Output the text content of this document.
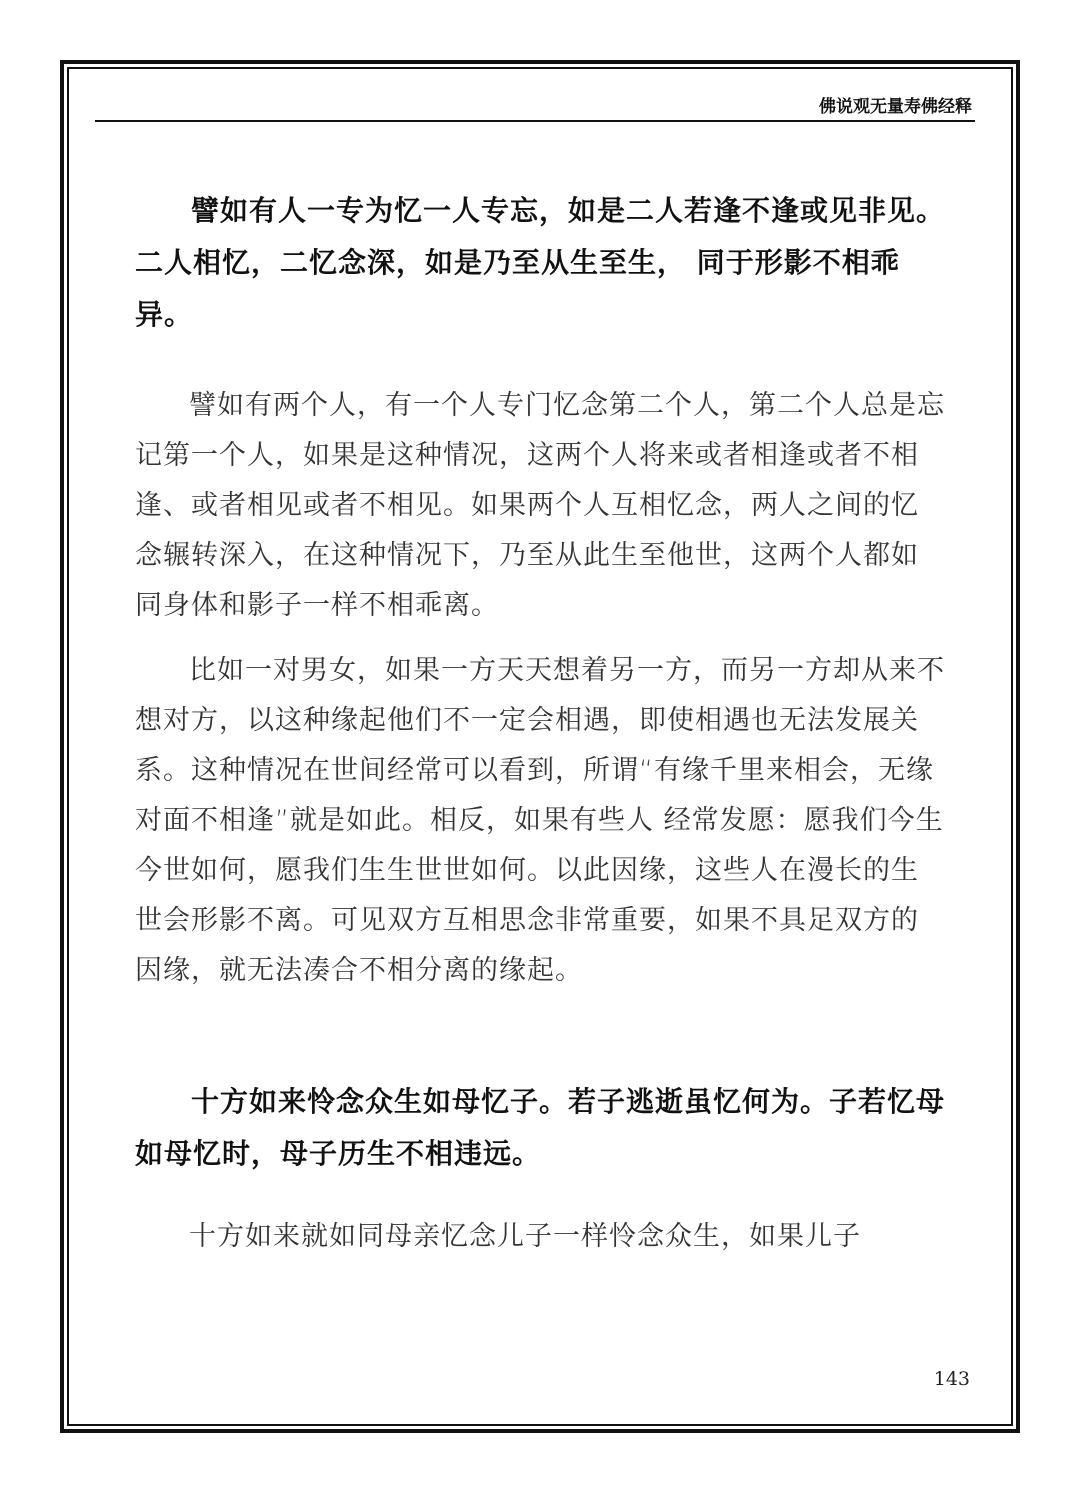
佛说观无量寿佛经释

譬如有人一专为忆一人专忘，如是二人若逢不逢或见非见。二人相忆，二忆念深，如是乃至从生至生， 同于形影不相乖异。

譬如有两个人，有一个人专门忆念第二个人，第二个人总是忘记第一个人，如果是这种情况，这两个人将来或者相逢或者不相逢、或者相见或者不相见。如果两个人互相忆念，两人之间的忆念辗转深入，在这种情况下，乃至从此生至他世，这两个人都如同身体和影子一样不相乖离。

比如一对男女，如果一方天天想着另一方，而另一方却从来不想对方，以这种缘起他们不一定会相遇，即使相遇也无法发展关系。这种情况在世间经常可以看到，所谓“有缘千里来相会，无缘对面不相逢”就是如此。相反，如果有些人 经常发愿：愿我们今生今世如何，愿我们生生世世如何。以此因缘，这些人在漫长的生世会形影不离。可见双方互相思念非常重要，如果不具足双方的因缘，就无法凑合不相分离的缘起。

十方如来怜念众生如母忆子。若子逃逝虽忆何为。子若忆母如母忆时，母子历生不相违远。

十方如来就如同母亲忆念儿子一样怜念众生，如果儿子

143
